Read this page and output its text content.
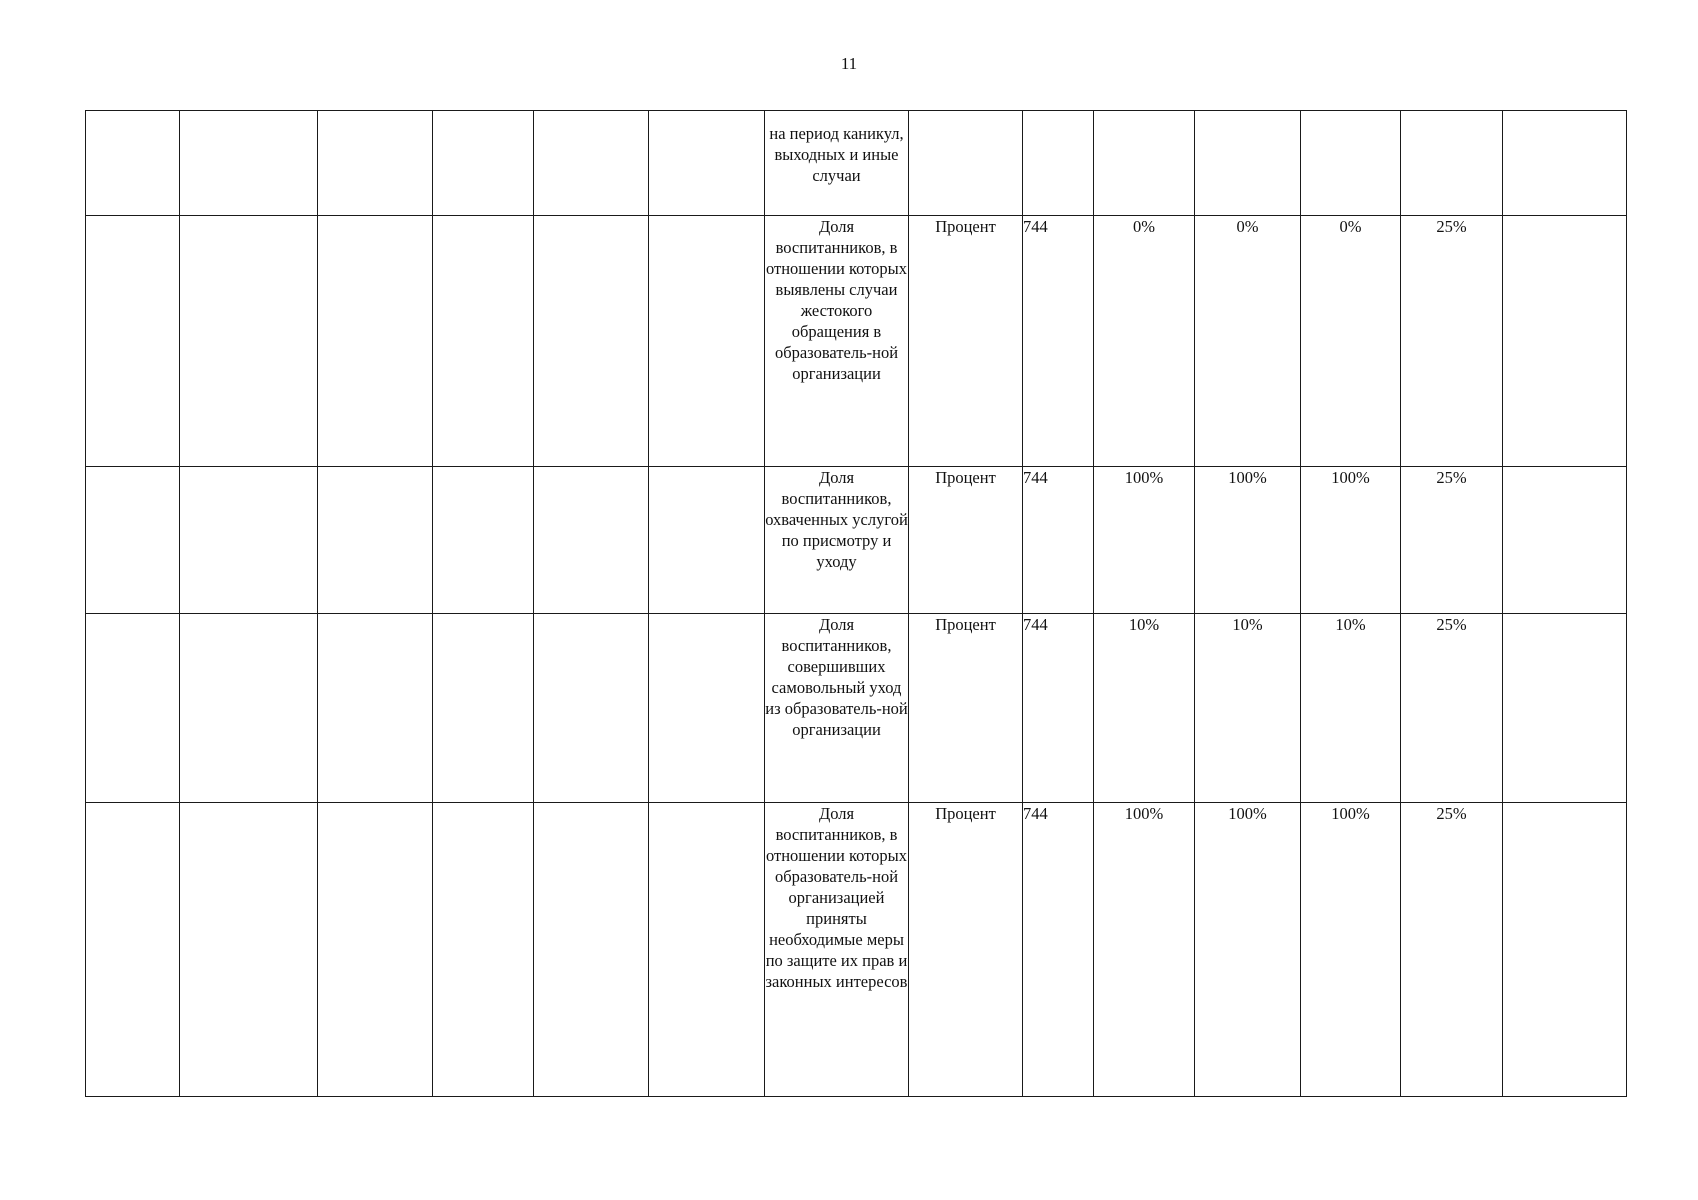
11
						на период каникул, выходных и иные случаи							
						Доля воспитанников, в отношении которых выявлены случаи жестокого обращения в образователь-ной организации	Процент	744	0%	0%	0%	25%	
						Доля воспитанников, охваченных услугой по присмотру и уходу	Процент	744	100%	100%	100%	25%	
						Доля воспитанников, совершивших самовольный уход из образователь-ной организации	Процент	744	10%	10%	10%	25%	
						Доля воспитанников, в отношении которых образователь-ной организацией приняты необходимые меры по защите их прав и законных интересов	Процент	744	100%	100%	100%	25%	
